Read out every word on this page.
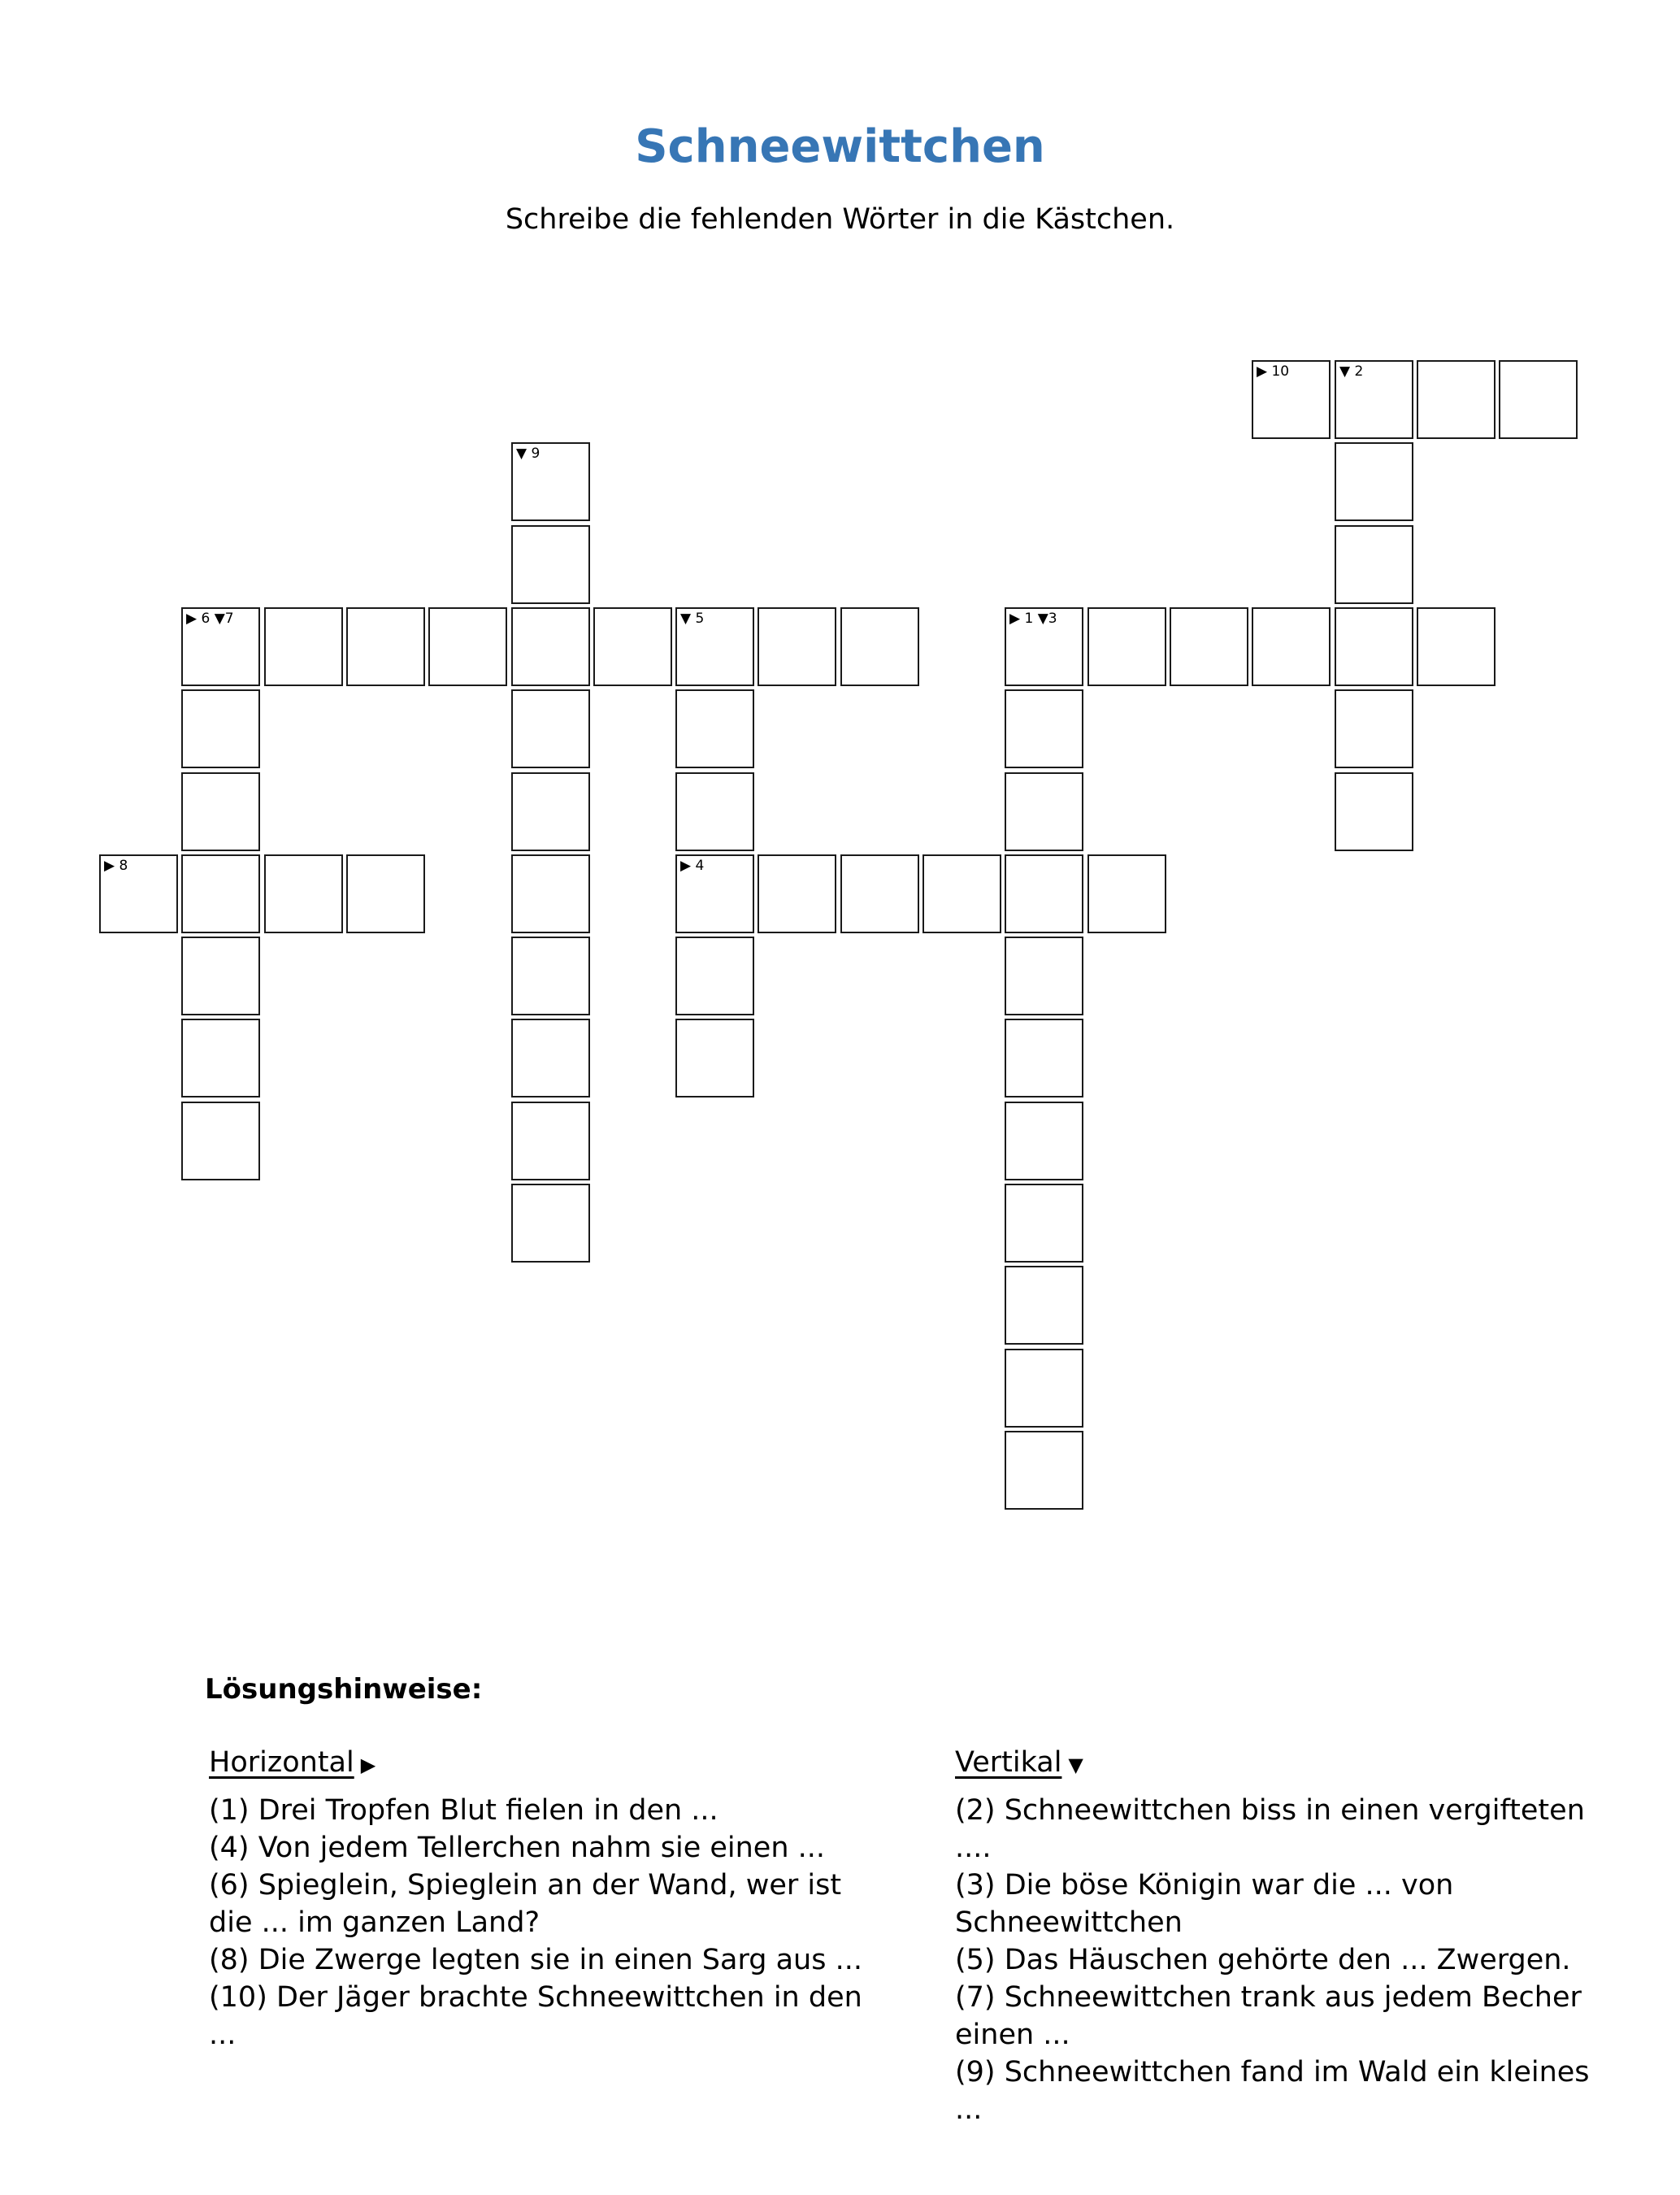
Schneewittchen
Schreibe die fehlenden Wörter in die Kästchen.
▶ 10	▼ 2
▼ 9
▶ 6 ▼7	▼ 5	▶ 1 ▼3
▶ 8	▶ 4
Lösungshinweise:
Horizontal ▶

(1) Drei Tropfen Blut fielen in den ...

(4) Von jedem Tellerchen nahm sie einen ...

(6) Spieglein, Spieglein an der Wand, wer ist die ... im ganzen Land?

(8) Die Zwerge legten sie in einen Sarg aus ...

(10) Der Jäger brachte Schneewittchen in den ...

Vertikal ▼

(2) Schneewittchen biss in einen vergifteten ....

(3) Die böse Königin war die ... von Schneewittchen

(5) Das Häuschen gehörte den ... Zwergen.

(7) Schneewittchen trank aus jedem Becher einen ...

(9) Schneewittchen fand im Wald ein kleines ...
